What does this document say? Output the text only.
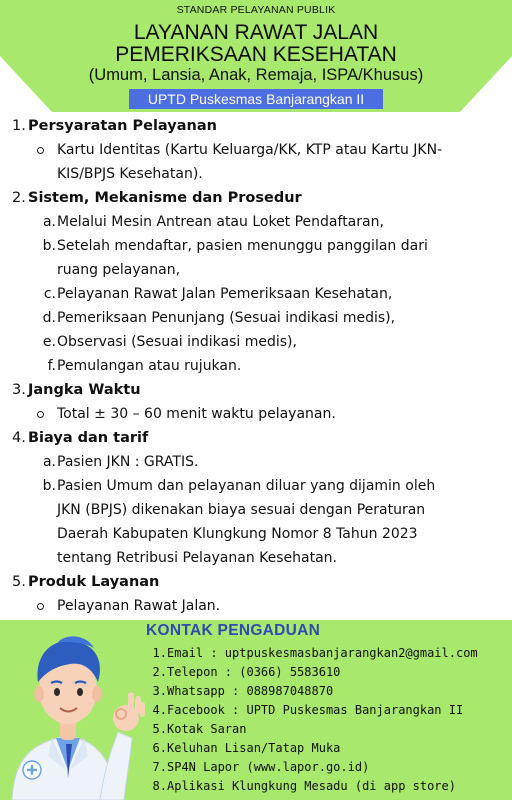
STANDAR PELAYANAN PUBLIK
LAYANAN RAWAT JALAN
PEMERIKSAAN KESEHATAN
(Umum, Lansia, Anak, Remaja, ISPA/Khusus)
UPTD Puskesmas Banjarangkan II
1. Persyaratan Pelayanan
Kartu Identitas (Kartu Keluarga/KK, KTP atau Kartu JKN-
KIS/BPJS Kesehatan).
2. Sistem, Mekanisme dan Prosedur
a. Melalui Mesin Antrean atau Loket Pendaftaran,
b. Setelah mendaftar, pasien menunggu panggilan dari
ruang pelayanan,
c. Pelayanan Rawat Jalan Pemeriksaan Kesehatan,
d. Pemeriksaan Penunjang (Sesuai indikasi medis),
e. Observasi (Sesuai indikasi medis),
f. Pemulangan atau rujukan.
3. Jangka Waktu
Total ± 30 – 60 menit waktu pelayanan.
4. Biaya dan tarif
a. Pasien JKN : GRATIS.
b. Pasien Umum dan pelayanan diluar yang dijamin oleh
JKN (BPJS) dikenakan biaya sesuai dengan Peraturan
Daerah Kabupaten Klungkung Nomor 8 Tahun 2023
tentang Retribusi Pelayanan Kesehatan.
5. Produk Layanan
Pelayanan Rawat Jalan.
KONTAK PENGADUAN
1.Email : uptpuskesmasbanjarangkan2@gmail.com
2.Telepon : (0366) 5583610
3.Whatsapp : 088987048870
4.Facebook : UPTD Puskesmas Banjarangkan II
5.Kotak Saran
6.Keluhan Lisan/Tatap Muka
7.SP4N Lapor (www.lapor.go.id)
8.Aplikasi Klungkung Mesadu (di app store)
